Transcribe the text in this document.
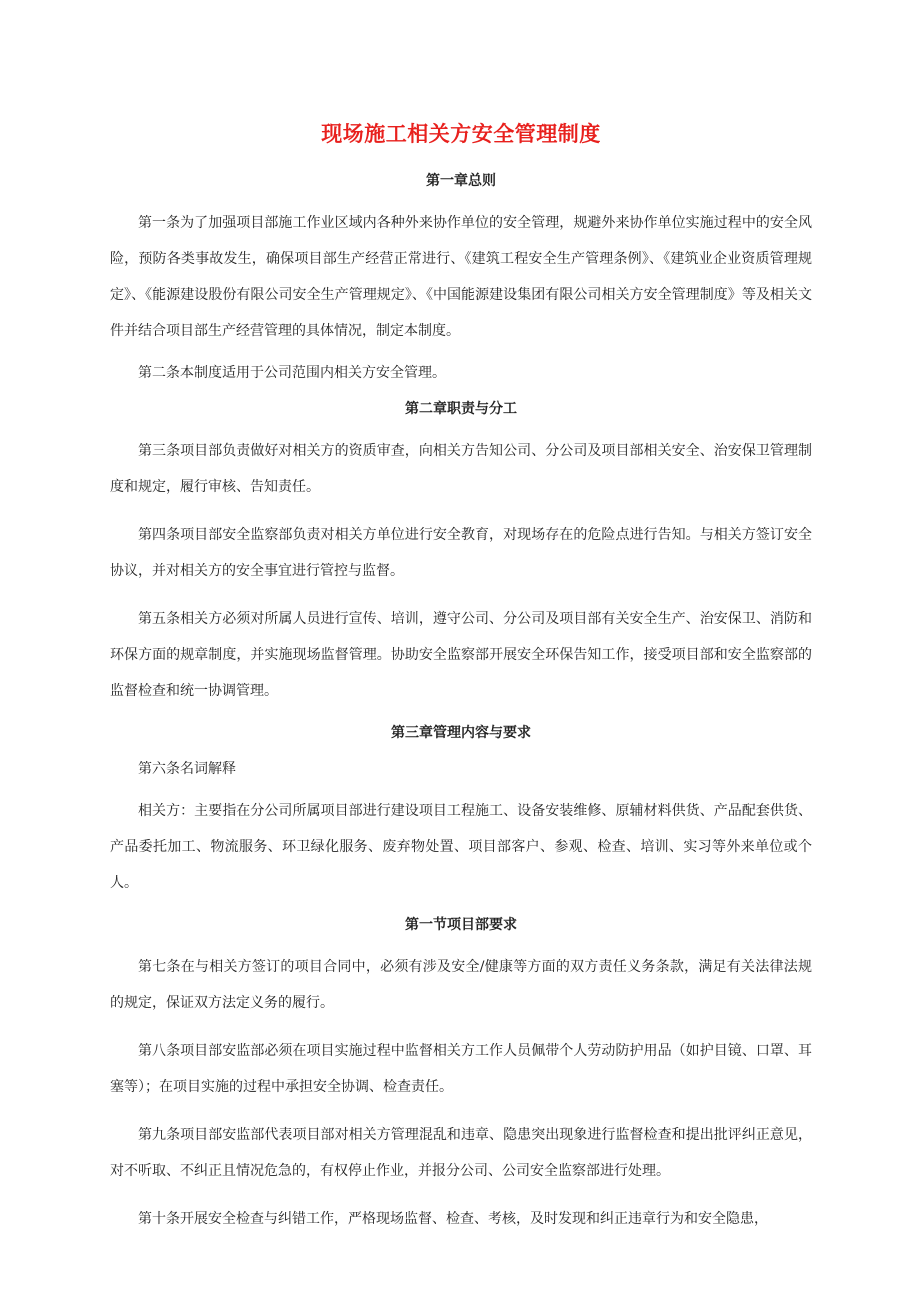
现场施工相关方安全管理制度
第一章总则

第一条为了加强项目部施工作业区域内各种外来协作单位的安全管理，规避外来协作单位实施过程中的安全风险，预防各类事故发生，确保项目部生产经营正常进行、《建筑工程安全生产管理条例》、《建筑业企业资质管理规定》、《能源建设股份有限公司安全生产管理规定》、《中国能源建设集团有限公司相关方安全管理制度》等及相关文件并结合项目部生产经营管理的具体情况，制定本制度。

第二条本制度适用于公司范围内相关方安全管理。

第二章职责与分工

第三条项目部负责做好对相关方的资质审查，向相关方告知公司、分公司及项目部相关安全、治安保卫管理制度和规定，履行审核、告知责任。

第四条项目部安全监察部负责对相关方单位进行安全教育，对现场存在的危险点进行告知。与相关方签订安全协议，并对相关方的安全事宜进行管控与监督。

第五条相关方必须对所属人员进行宣传、培训，遵守公司、分公司及项目部有关安全生产、治安保卫、消防和环保方面的规章制度，并实施现场监督管理。协助安全监察部开展安全环保告知工作，接受项目部和安全监察部的监督检查和统一协调管理。

第三章管理内容与要求

第六条名词解释

相关方：主要指在分公司所属项目部进行建设项目工程施工、设备安装维修、原辅材料供货、产品配套供货、产品委托加工、物流服务、环卫绿化服务、废弃物处置、项目部客户、参观、检查、培训、实习等外来单位或个人。

第一节项目部要求

第七条在与相关方签订的项目合同中，必须有涉及安全/健康等方面的双方责任义务条款，满足有关法律法规的规定，保证双方法定义务的履行。

第八条项目部安监部必须在项目实施过程中监督相关方工作人员佩带个人劳动防护用品（如护目镜、口罩、耳塞等）；在项目实施的过程中承担安全协调、检查责任。

第九条项目部安监部代表项目部对相关方管理混乱和违章、隐患突出现象进行监督检查和提出批评纠正意见，对不听取、不纠正且情况危急的，有权停止作业，并报分公司、公司安全监察部进行处理。

第十条开展安全检查与纠错工作，严格现场监督、检查、考核，及时发现和纠正违章行为和安全隐患，
